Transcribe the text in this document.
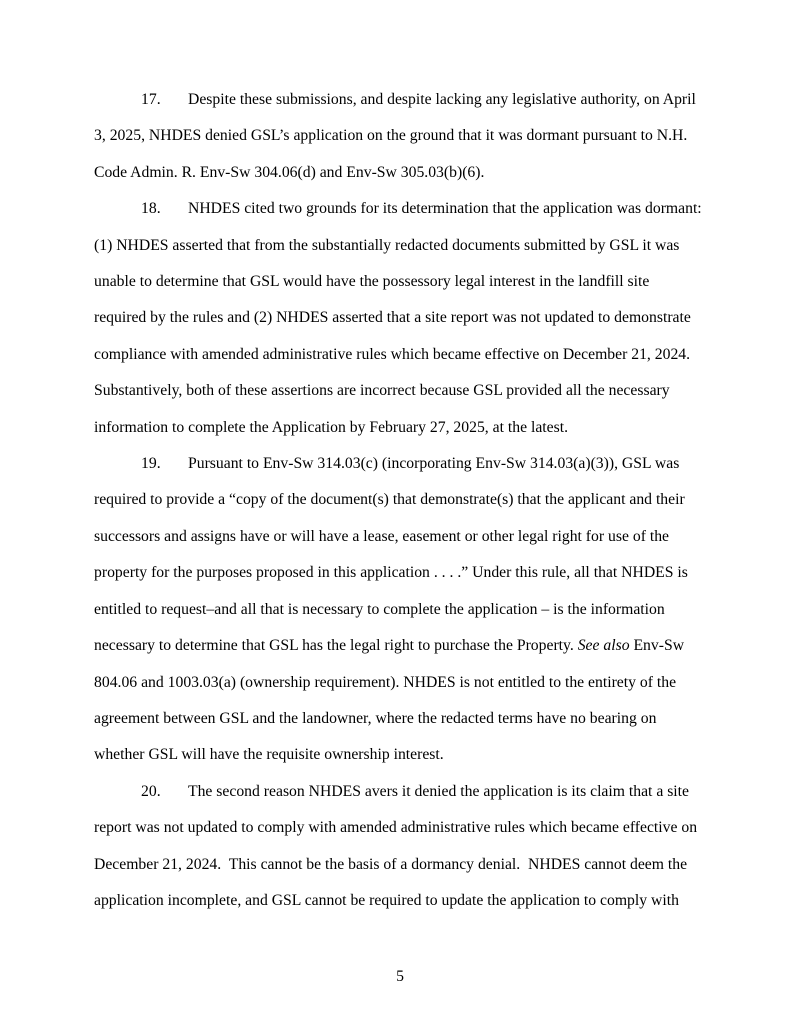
17. Despite these submissions, and despite lacking any legislative authority, on April
3, 2025, NHDES denied GSL’s application on the ground that it was dormant pursuant to N.H.
Code Admin. R. Env-Sw 304.06(d) and Env-Sw 305.03(b)(6).
18. NHDES cited two grounds for its determination that the application was dormant:
(1) NHDES asserted that from the substantially redacted documents submitted by GSL it was
unable to determine that GSL would have the possessory legal interest in the landfill site
required by the rules and (2) NHDES asserted that a site report was not updated to demonstrate
compliance with amended administrative rules which became effective on December 21, 2024.
Substantively, both of these assertions are incorrect because GSL provided all the necessary
information to complete the Application by February 27, 2025, at the latest.
19. Pursuant to Env-Sw 314.03(c) (incorporating Env-Sw 314.03(a)(3)), GSL was
required to provide a “copy of the document(s) that demonstrate(s) that the applicant and their
successors and assigns have or will have a lease, easement or other legal right for use of the
property for the purposes proposed in this application . . . .” Under this rule, all that NHDES is
entitled to request–and all that is necessary to complete the application – is the information
necessary to determine that GSL has the legal right to purchase the Property. See also Env-Sw
804.06 and 1003.03(a) (ownership requirement). NHDES is not entitled to the entirety of the
agreement between GSL and the landowner, where the redacted terms have no bearing on
whether GSL will have the requisite ownership interest.
20. The second reason NHDES avers it denied the application is its claim that a site
report was not updated to comply with amended administrative rules which became effective on
December 21, 2024.  This cannot be the basis of a dormancy denial.  NHDES cannot deem the
application incomplete, and GSL cannot be required to update the application to comply with
5
